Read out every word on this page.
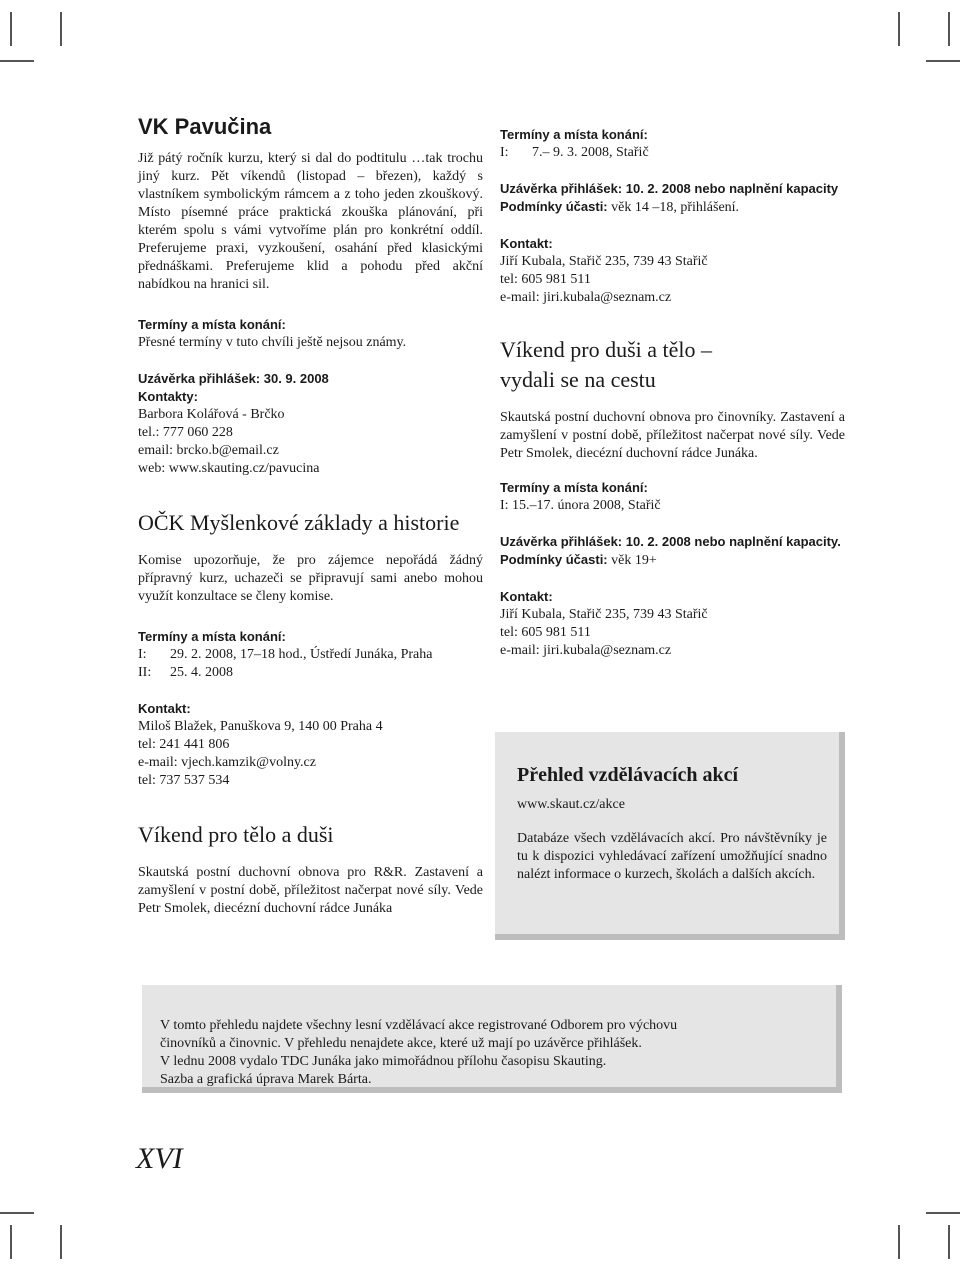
VK Pavučina
Již pátý ročník kurzu, který si dal do podtitulu …tak trochu jiný kurz. Pět víkendů (listopad – březen), každý s vlastníkem symbolickým rámcem a z toho jeden zkouškový. Místo písemné práce praktická zkouška plánování, při kterém spolu s vámi vytvoříme plán pro konkrétní oddíl. Preferujeme praxi, vyzkoušení, osahání před klasickými přednáškami. Preferujeme klid a pohodu před akční nabídkou na hranici sil.
Termíny a místa konání:
Přesné termíny v tuto chvíli ještě nejsou známy.
Uzávěrka přihlášek: 30. 9. 2008
Kontakty:
Barbora Kolářová - Brčko
tel.: 777 060 228
email: brcko.b@email.cz
web: www.skauting.cz/pavucina
OČK Myšlenkové základy a historie
Komise upozorňuje, že pro zájemce nepořádá žádný přípravný kurz, uchazeči se připravují sami anebo mohou využít konzultace se členy komise.
Termíny a místa konání:
I:	29. 2. 2008, 17–18 hod., Ústředí Junáka, Praha
II:	25. 4. 2008
Kontakt:
Miloš Blažek, Panuškova 9, 140 00 Praha 4
tel: 241 441 806
e-mail: vjech.kamzik@volny.cz
tel: 737 537 534
Víkend pro tělo a duši
Skautská postní duchovní obnova pro R&R. Zastavení a zamyšlení v postní době, příležitost načerpat nové síly. Vede Petr Smolek, diecézní duchovní rádce Junáka
Termíny a místa konání:
I:	7.– 9. 3. 2008, Stařič
Uzávěrka přihlášek: 10. 2. 2008 nebo naplnění kapacity
Podmínky účasti: věk 14 –18, přihlášení.
Kontakt:
Jiří Kubala, Stařič 235, 739 43 Stařič
tel: 605 981 511
e-mail: jiri.kubala@seznam.cz
Víkend pro duši a tělo –
vydali se na cestu
Skautská postní duchovní obnova pro činovníky. Zastavení a zamyšlení v postní době, příležitost načerpat nové síly. Vede Petr Smolek, diecézní duchovní rádce Junáka.
Termíny a místa konání:
I: 15.–17. února 2008, Stařič
Uzávěrka přihlášek: 10. 2. 2008 nebo naplnění kapacity.
Podmínky účasti: věk 19+
Kontakt:
Jiří Kubala, Stařič 235, 739 43 Stařič
tel: 605 981 511
e-mail: jiri.kubala@seznam.cz
Přehled vzdělávacích akcí
www.skaut.cz/akce
Databáze všech vzdělávacích akcí. Pro návštěvníky je tu k dispozici vyhledávací zařízení umožňující snadno nalézt informace o kurzech, školách a dalších akcích.
V tomto přehledu najdete všechny lesní vzdělávací akce registrované Odborem pro výchovu
činovníků a činovnic. V přehledu nenajdete akce, které už mají po uzávěrce přihlášek.
V lednu 2008 vydalo TDC Junáka jako mimořádnou přílohu časopisu Skauting.
Sazba a grafická úprava Marek Bárta.
XVI
